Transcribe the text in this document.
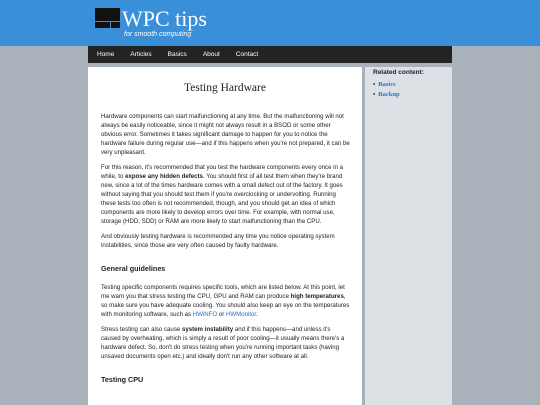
WPC tips
for smooth computing
Home Articles Basics About Contact
Testing Hardware

Hardware components can start malfunctioning at any time. But the malfunctioning will not always be easily noticeable, since it might not always result in a BSOD or some other obvious error. Sometimes it takes significant damage to happen for you to notice the hardware failure during regular use—and if this happens when you're not prepared, it can be very unpleasant.

For this reason, it's recommended that you test the hardware components every once in a while, to expose any hidden defects. You should first of all test them when they're brand new, since a lot of the times hardware comes with a small defect out of the factory. It goes without saying that you should test them if you're overclocking or undervolting. Running these tests too often is not recommended, though, and you should get an idea of which components are more likely to develop errors over time. For example, with normal use, storage (HDD, SDD) or RAM are more likely to start malfunctioning than the CPU.

And obviously testing hardware is recommended any time you notice operating system instabilities, since those are very often caused by faulty hardware.

General guidelines

Testing specific components requires specific tools, which are listed below. At this point, let me warn you that stress testing the CPU, GPU and RAM can produce high temperatures, so make sure you have adequate cooling. You should also keep an eye on the temperatures with monitoring software, such as HWiNFO or HWMonitor.

Stress testing can also cause system instability and if this happens—and unless it's caused by overheating, which is simply a result of poor cooling—it usually means there's a hardware defect. So, don't do stress testing when you're running important tasks (having unsaved documents open etc.) and ideally don't run any other software at all.

Testing CPU
Related content:
• Basics
• Backup
